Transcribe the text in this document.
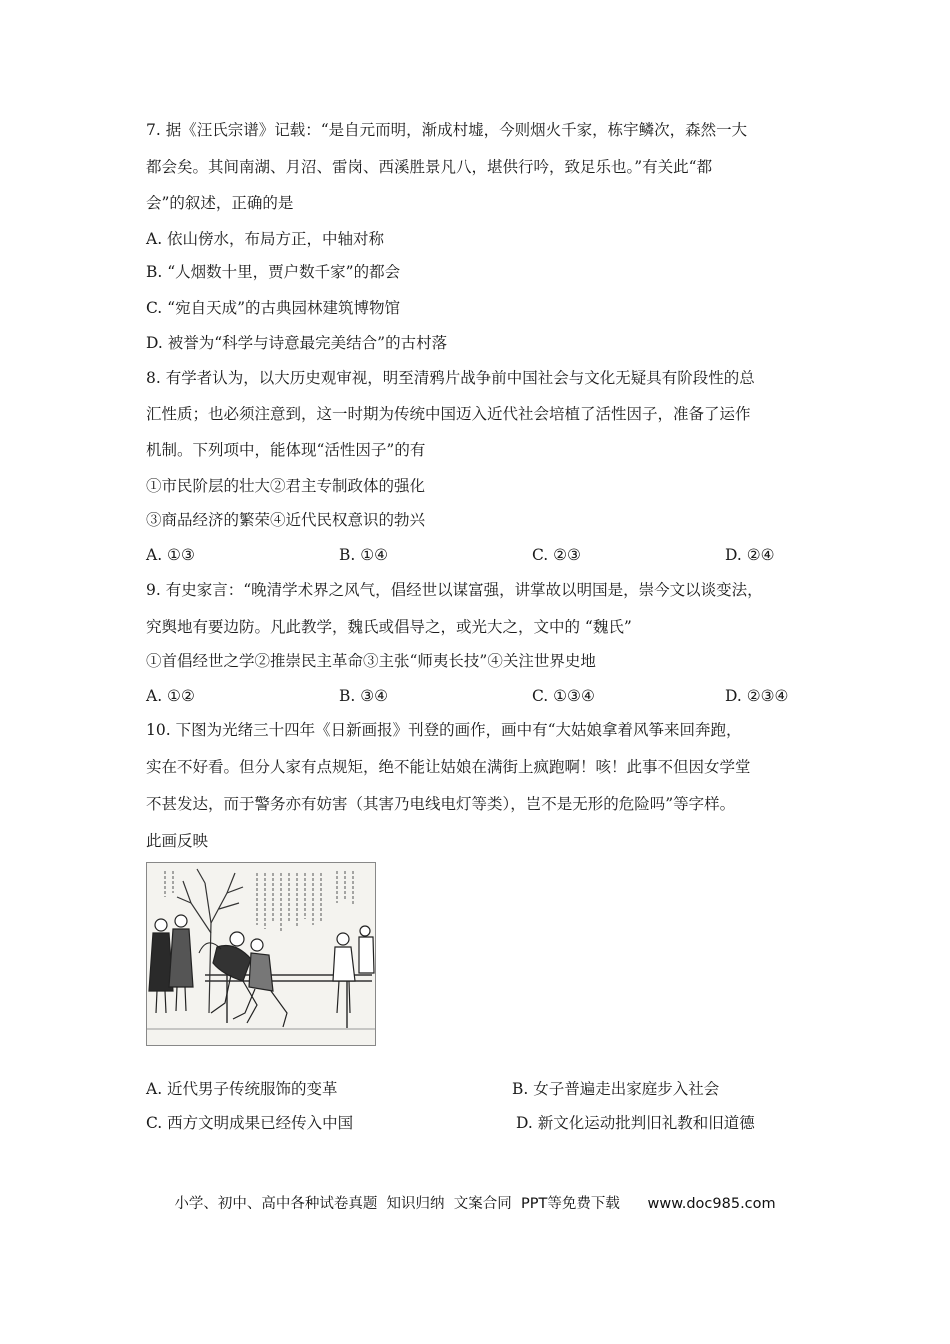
7. 据《汪氏宗谱》记载：“是自元而明，渐成村墟，今则烟火千家，栋宇鳞次，森然一大
都会矣。其间南湖、月沼、雷岗、西溪胜景凡八，堪供行吟，致足乐也。”有关此“都
会”的叙述，正确的是
A. 依山傍水，布局方正，中轴对称
B. “人烟数十里，贾户数千家”的都会
C. “宛自天成”的古典园林建筑博物馆
D. 被誉为“科学与诗意最完美结合”的古村落
8. 有学者认为，以大历史观审视，明至清鸦片战争前中国社会与文化无疑具有阶段性的总
汇性质；也必须注意到，这一时期为传统中国迈入近代社会培植了活性因子，准备了运作
机制。下列项中，能体现“活性因子”的有
①市民阶层的壮大②君主专制政体的强化
③商品经济的繁荣④近代民权意识的勃兴
A. ①③	B. ①④	C. ②③	D. ②④
9. 有史家言：“晚清学术界之风气，倡经世以谋富强，讲掌故以明国是，崇今文以谈变法，
究舆地有要边防。凡此教学，魏氏或倡导之，或光大之，文中的 “魏氏”
①首倡经世之学②推崇民主革命③主张“师夷长技”④关注世界史地
A. ①②	B. ③④	C. ①③④	D. ②③④
10. 下图为光绪三十四年《日新画报》刊登的画作，画中有“大姑娘拿着风筝来回奔跑，
实在不好看。但分人家有点规矩，绝不能让姑娘在满街上疯跑啊！咳！此事不但因女学堂
不甚发达，而于警务亦有妨害（其害乃电线电灯等类），岂不是无形的危险吗”等字样。
此画反映
A. 近代男子传统服饰的变革	B. 女子普遍走出家庭步入社会
C. 西方文明成果已经传入中国	D. 新文化运动批判旧礼教和旧道德
小学、初中、高中各种试卷真题  知识归纳  文案合同  PPT等免费下载 www.doc985.com
